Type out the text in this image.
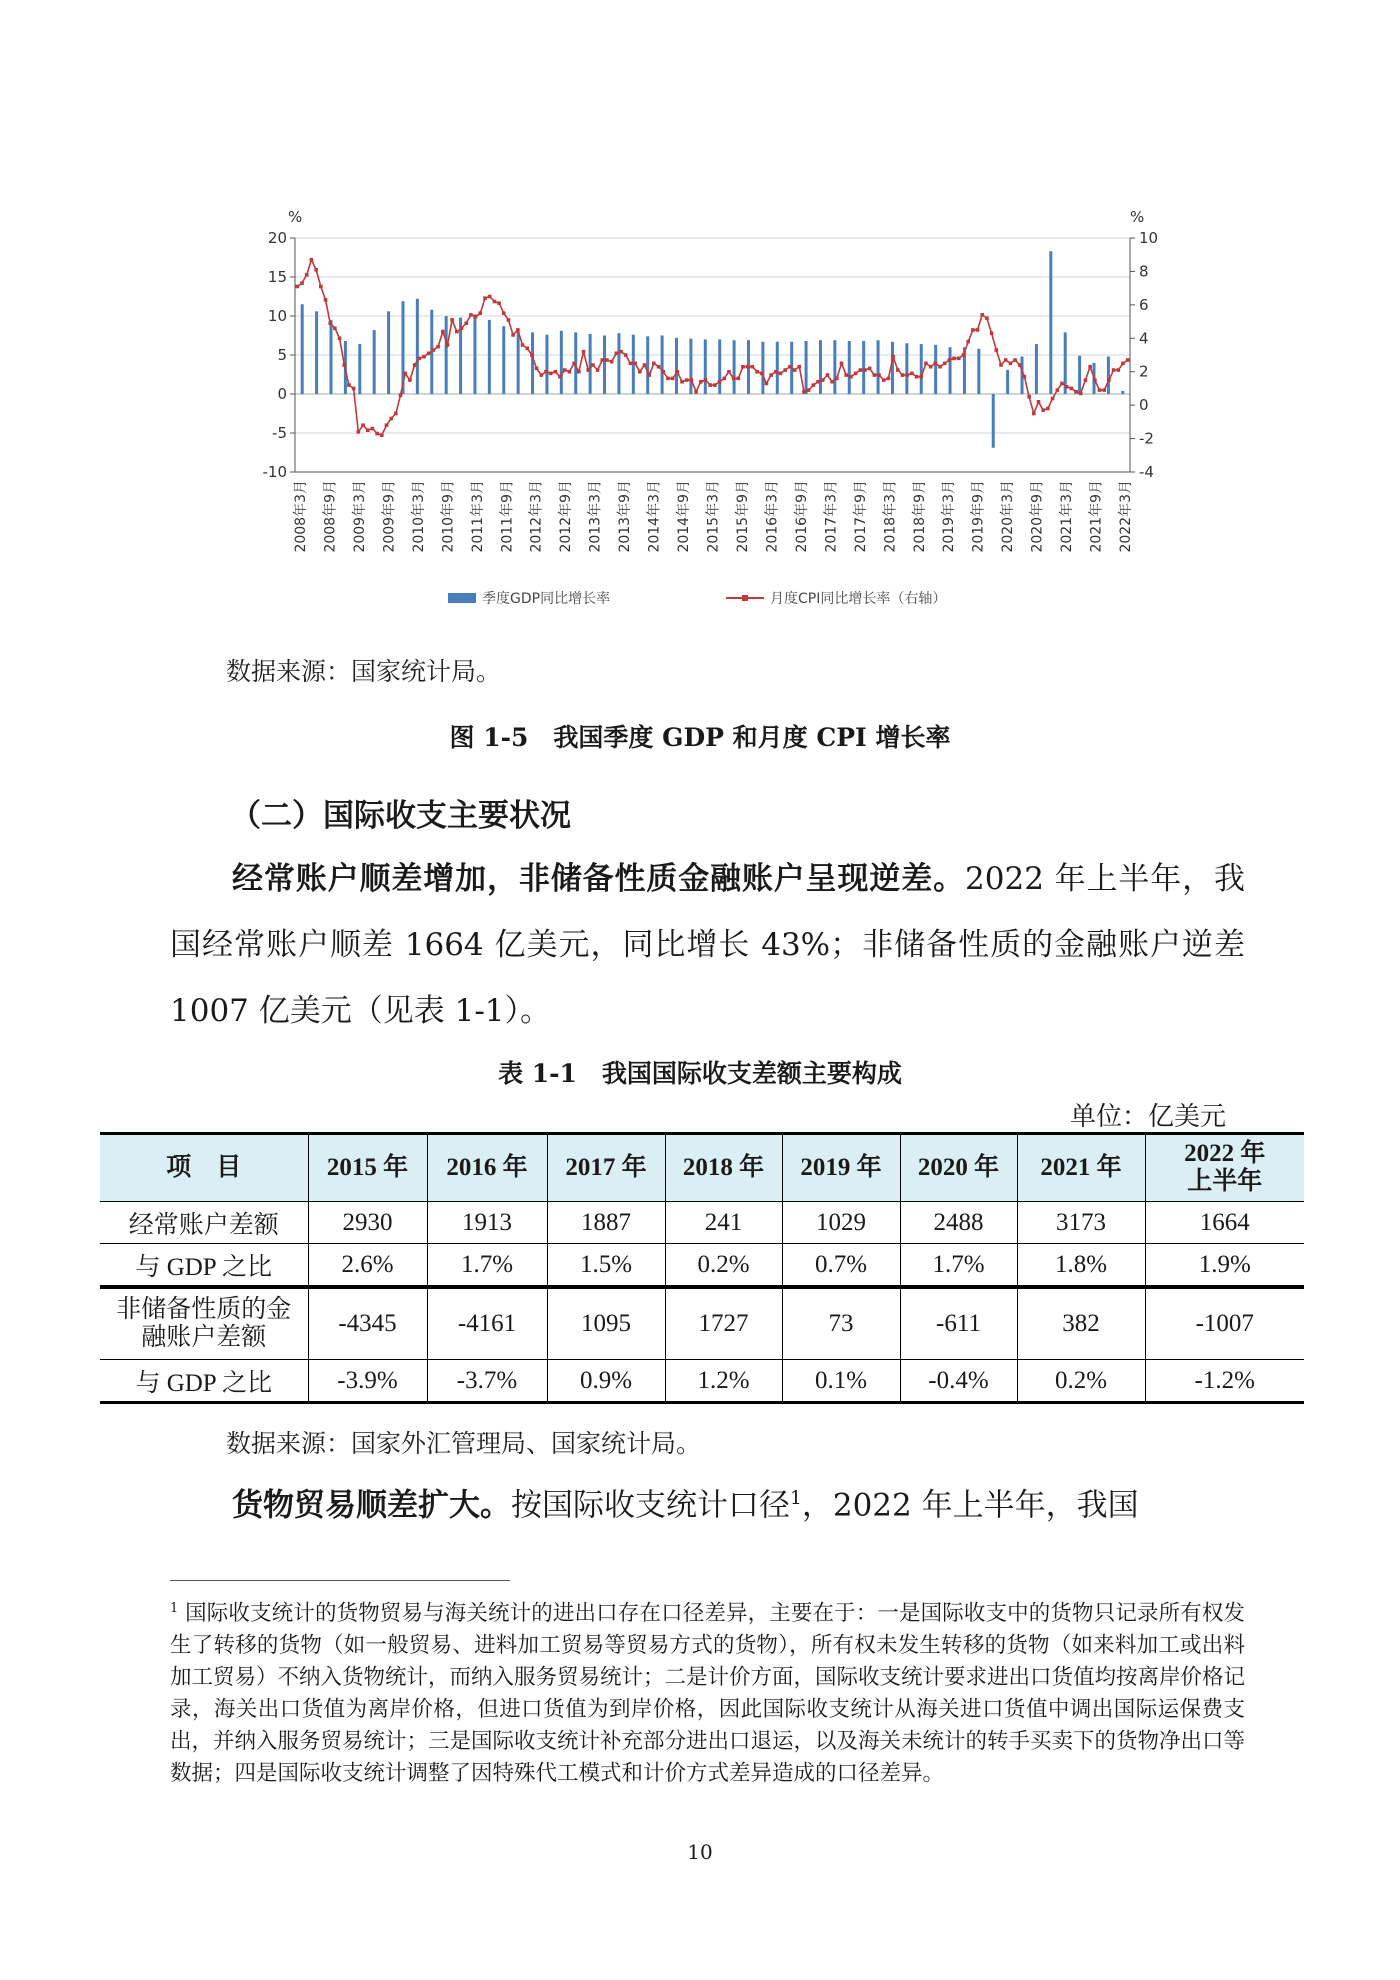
20
15
10
5
0
-5
-10
10
8
6
4
2
0
-2
-4
2008年3月 2008年9月 2009年3月 2009年9月 2010年3月 2010年9月 2011年3月 2011年9月 2012年3月 2012年9月 2013年3月 2013年9月 2014年3月 2014年9月 2015年3月 2015年9月 2016年3月 2016年9月 2017年3月 2017年9月 2018年3月 2018年9月 2019年3月 2019年9月 2020年3月 2020年9月 2021年3月 2021年9月 2022年3月
%	%
季度GDP同比增长率	月度CPI同比增长率（右轴）
数据来源：国家统计局。
图 1-5　我国季度 GDP 和月度 CPI 增长率
（二）国际收支主要状况
经常账户顺差增加，非储备性质金融账户呈现逆差。2022 年上半年，我国经常账户顺差 1664 亿美元，同比增长 43%；非储备性质的金融账户逆差 1007 亿美元（见表 1-1）。
表 1-1　我国国际收支差额主要构成
单位：亿美元
项　目	2015 年	2016 年	2017 年	2018 年	2019 年	2020 年	2021 年	2022 年
上半年
经常账户差额	2930	1913	1887	241	1029	2488	3173	1664
与 GDP 之比	2.6%	1.7%	1.5%	0.2%	0.7%	1.7%	1.8%	1.9%
非储备性质的金
融账户差额	-4345	-4161	1095	1727	73	-611	382	-1007
与 GDP 之比	-3.9%	-3.7%	0.9%	1.2%	0.1%	-0.4%	0.2%	-1.2%
数据来源：国家外汇管理局、国家统计局。
货物贸易顺差扩大。按国际收支统计口径$^1$，2022 年上半年，我国
$^1$ 国际收支统计的货物贸易与海关统计的进出口存在口径差异，主要在于：一是国际收支中的货物只记录所有权发生了转移的货物（如一般贸易、进料加工贸易等贸易方式的货物），所有权未发生转移的货物（如来料加工或出料加工贸易）不纳入货物统计，而纳入服务贸易统计；二是计价方面，国际收支统计要求进出口货值均按离岸价格记录，海关出口货值为离岸价格，但进口货值为到岸价格，因此国际收支统计从海关进口货值中调出国际运保费支出，并纳入服务贸易统计；三是国际收支统计补充部分进出口退运，以及海关未统计的转手买卖下的货物净出口等数据；四是国际收支统计调整了因特殊代工模式和计价方式差异造成的口径差异。
10
